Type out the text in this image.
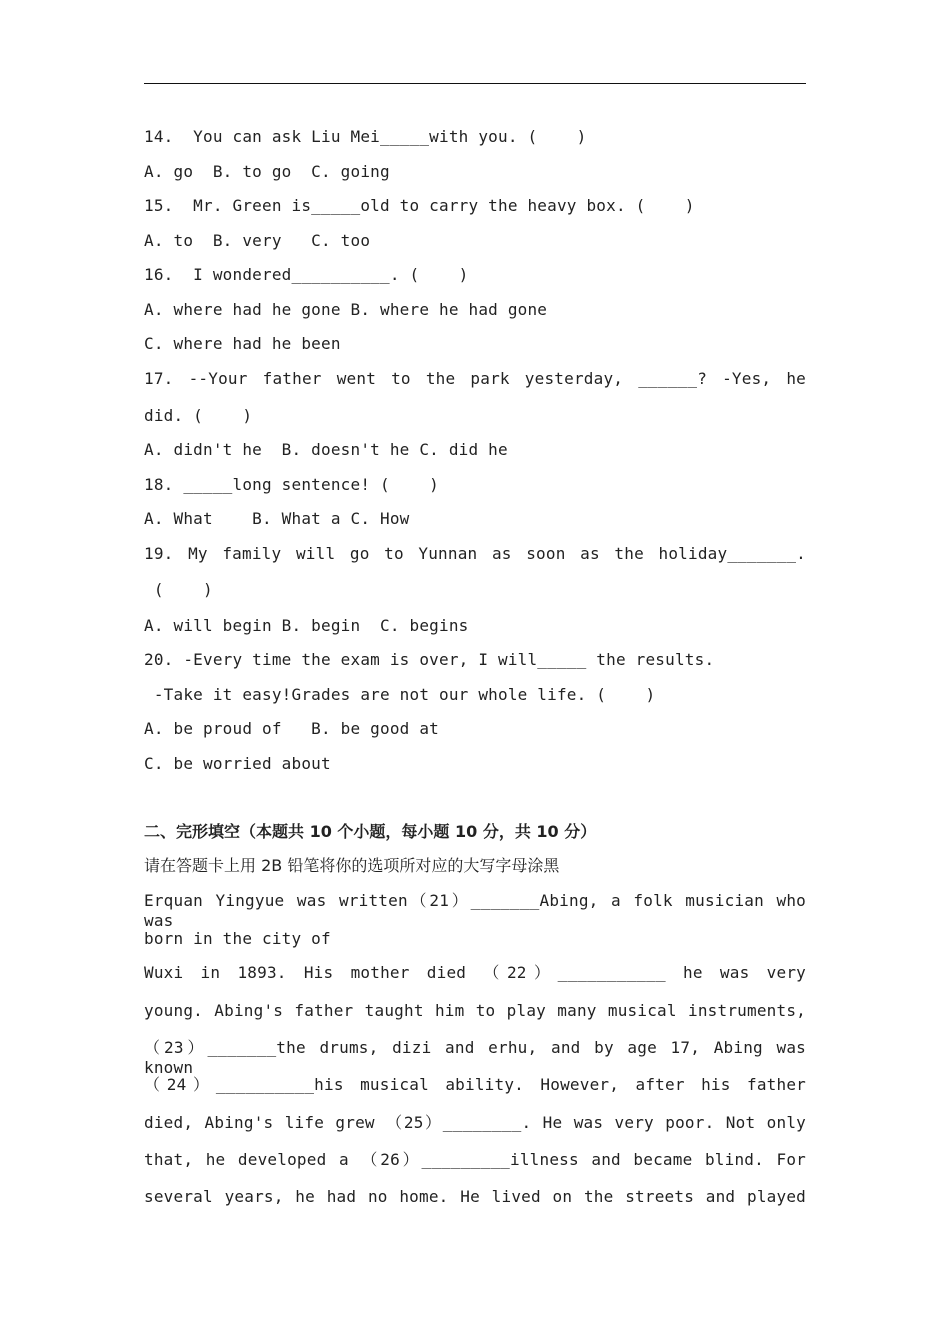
14.  You can ask Liu Mei_____with you. (    )
A. go  B. to go  C. going
15.  Mr. Green is_____old to carry the heavy box. (    )
A. to  B. very   C. too
16.  I wondered__________. (    )
A. where had he gone B. where he had gone
C. where had he been
17. --Your father went to the park yesterday, ______? -Yes, he
did. (    )
A. didn't he  B. doesn't he C. did he
18. _____long sentence! (    )
A. What    B. What a C. How
19. My family will go to Yunnan as soon as the holiday_______.
(    )
A. will begin B. begin  C. begins
20. -Every time the exam is over, I will_____ the results.
-Take it easy!Grades are not our whole life. (    )
A. be proud of   B. be good at
C. be worried about
二、完形填空（本题共 10 个小题，每小题 10 分，共 10 分）
请在答题卡上用 2B 铅笔将你的选项所对应的大写字母涂黑
Erquan Yingyue was written（21）_______Abing, a folk musician who was
born in the city of
Wuxi in 1893. His mother died （22）___________ he was very
young. Abing's father taught him to play many musical instruments,
（23）_______the drums, dizi and erhu, and by age 17, Abing was known
（24）__________his musical ability. However, after his father
died, Abing's life grew （25）________. He was very poor. Not only
that, he developed a （26）_________illness and became blind. For
several years, he had no home. He lived on the streets and played
